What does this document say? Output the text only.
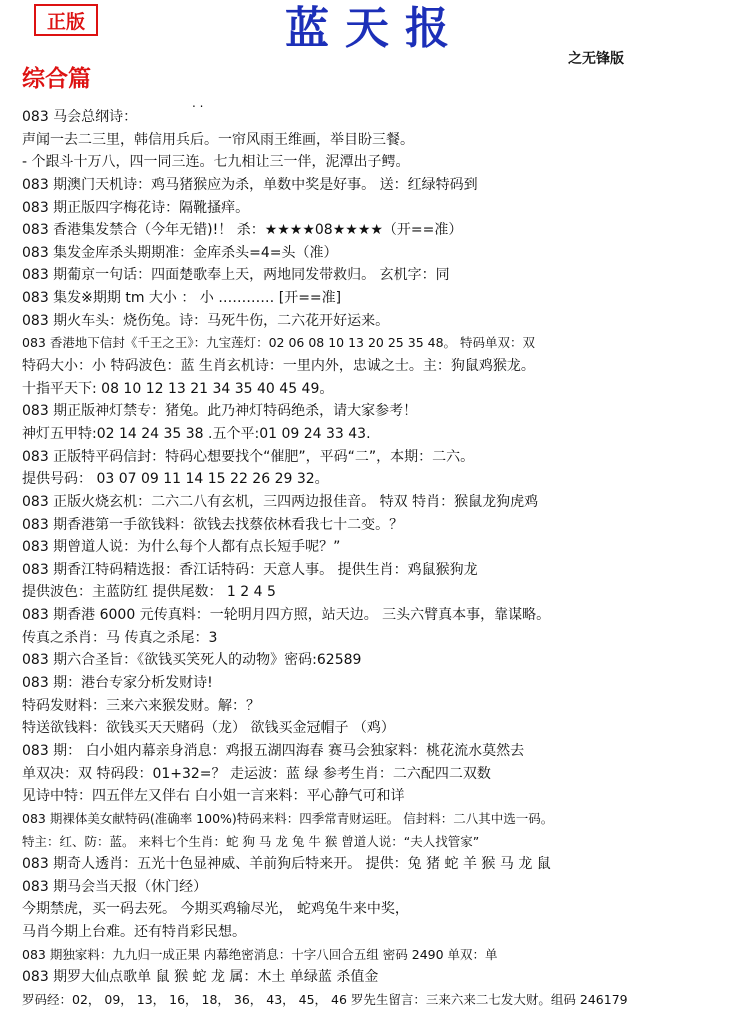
正版	蓝天报
之无锋版
综合篇
. .
083 马会总纲诗：
声闻一去二三里，韩信用兵后。一帘风雨王维画，举目盼三餐。
- 个跟斗十万八，四一同三连。七九相让三一伴，泥潭出子鳄。
083 期澳门天机诗：鸡马猪猴应为杀，单数中奖是好事。 送：红绿特码到
083 期正版四字梅花诗：隔靴搔痒。
083 香港集发禁合（今年无错)!！ 杀：★★★★08★★★★（开==准）
083 集发金库杀头期期准：金库杀头=4=头（准）
083 期葡京一句话：四面楚歌奉上天，两地同发带救归。 玄机字：同
083 集发※期期 tm 大小 ： 小 ………… [开==准]
083 期火车头：烧伤兔。诗：马死牛伤，二六花开好运来。
083 香港地下信封《千王之王》：九宝莲灯：02 06 08 10 13 20 25 35 48。 特码单双：双
特码大小：小 特码波色：蓝 生肖玄机诗：一里内外，忠诚之士。主：狗鼠鸡猴龙。
十指平天下: 08 10 12 13 21 34 35 40 45 49。
083 期正版神灯禁专：猪兔。此乃神灯特码绝杀，请大家参考！
神灯五甲特:02 14 24 35 38 .五个平:01 09 24 33 43.
083 正版特平码信封：特码心想要找个“催肥”，平码“二”，本期：二六。
提供号码： 03 07 09 11 14 15 22 26 29 32。
083 正版火烧玄机：二六二八有玄机，三四两边报佳音。 特双 特肖：猴鼠龙狗虎鸡
083 期香港第一手欲钱料：欲钱去找蔡依林看我七十二变。？
083 期曾道人说：为什么每个人都有点长短手呢？”
083 期香江特码精选报：香江话特码：天意人事。 提供生肖：鸡鼠猴狗龙
提供波色：主蓝防红 提供尾数： 1 2 4 5
083 期香港 6000 元传真料：一轮明月四方照，站天边。 三头六臂真本事，靠谋略。
传真之杀肖：马 传真之杀尾：3
083 期六合圣旨：《欲钱买笑死人的动物》密码:62589
083 期：港台专家分析发财诗!
特码发财料：三来六来猴发财。解：？
特送欲钱料：欲钱买天天赌码（龙） 欲钱买金冠帽子 （鸡）
083 期： 白小姐内幕亲身消息：鸡报五湖四海春 赛马会独家料：桃花流水莫然去
单双决：双 特码段：01+32=？ 走运波：蓝 绿 参考生肖：二六配四二双数
见诗中特：四五伴左又伴右 白小姐一言来料：平心静气可和详
083 期裸体美女献特码(准确率 100%)特码来料：四季常青财运旺。 信封料：二八其中选一码。
特主：红、防：蓝。 来料七个生肖：蛇 狗 马 龙 兔 牛 猴 曾道人说：“夫人找管家”
083 期奇人透肖：五光十色显神威、羊前狗后特来开。 提供：兔 猪 蛇 羊 猴 马 龙 鼠
083 期马会当天报（休门经）
今期禁虎，买一码去死。 今期买鸡输尽光， 蛇鸡兔牛来中奖，
马肖今期上台难。还有特肖彩民想。
083 期独家料：九九归一成正果 内幕绝密消息：十字八回合五组 密码 2490 单双：单
083 期罗大仙点歌单 鼠 猴 蛇 龙 属：木土 单绿蓝 杀值金
罗码经：02， 09， 13， 16， 18， 36， 43， 45， 46 罗先生留言：三来六来二七发大财。组码 246179
